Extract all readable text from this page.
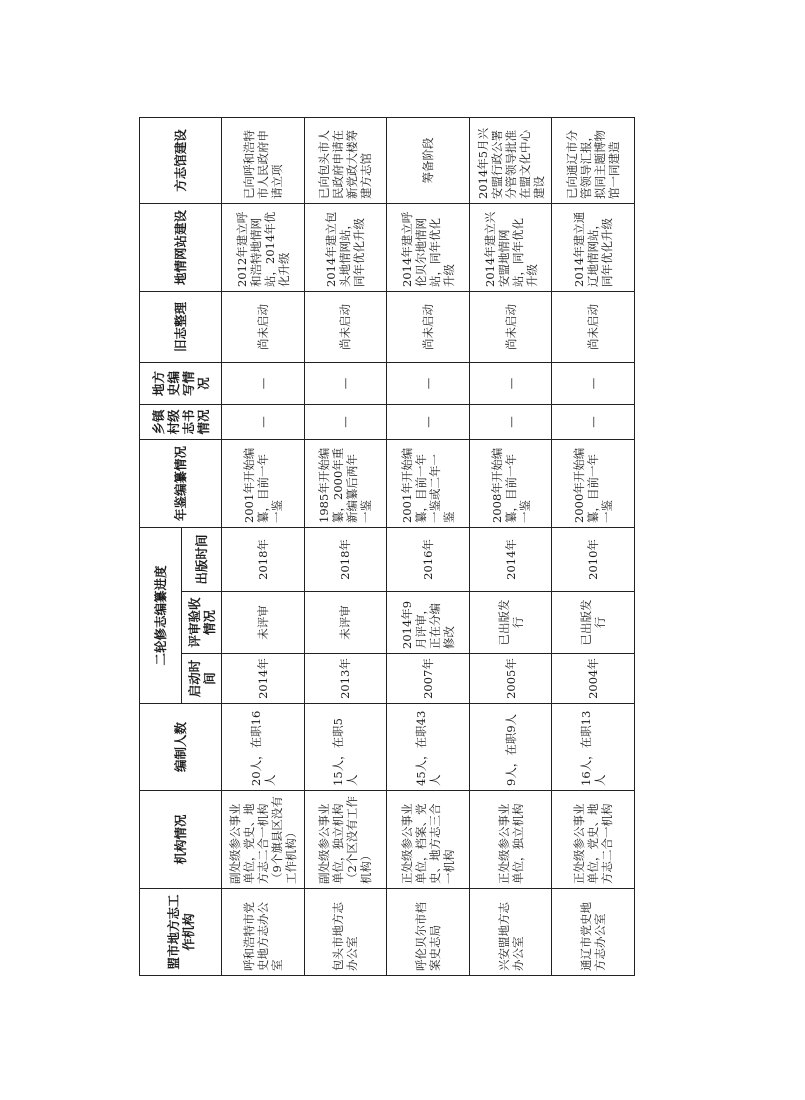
盟市地方志工作机构	机构情况	编制人数	二轮修志编纂进度			年鉴编纂情况	乡镇村级志书情况	地方史编写情况	旧志整理	地情网站建设	方志馆建设
			启动时间	评审验收情况	出版时间						
呼和浩特市党史地方志办公室	副处级参公事业单位，党史、地方志二合一机构（9个旗县区没有工作机构）	20人，在职16人	2014年	未评审	2018年	2001年开始编纂，目前一年一鉴	—	—	尚未启动	2012年建立呼和浩特地情网站，2014年优化升级	已向呼和浩特市人民政府申请立项
包头市地方志办公室	副处级参公事业单位，独立机构（2个区没有工作机构）	15人，在职5人	2013年	未评审	2018年	1985年开始编纂，2000年重新编纂后两年一鉴	—	—	尚未启动	2014年建立包头地情网站，同年优化升级	已向包头市人民政府申请在新党政大楼筹建方志馆
呼伦贝尔市档案史志局	正处级参公事业单位，档案、党史、地方志三合一机构	45人，在职43人	2007年	2014年9月评审，正在分编修改	2016年	2001年开始编纂，目前一年一鉴或二年一鉴	—	—	尚未启动	2014年建立呼伦贝尔地情网站，同年优化升级	筹备阶段
兴安盟地方志办公室	正处级参公事业单位，独立机构	9人，在职9人	2005年	已出版发行	2014年	2008年开始编纂，目前一年一鉴	—	—	尚未启动	2014年建立兴安盟地情网站，同年优化升级	2014年5月兴安盟行政公署分管领导批准在盟文化中心建设
通辽市党史地方志办公室	正处级参公事业单位，党史、地方志二合一机构	16人，在职13人	2004年	已出版发行	2010年	2000年开始编纂，目前一年一鉴	—	—	尚未启动	2014年建立通辽地情网站，同年优化升级	已向通辽市分管领导汇报，拟同主题博物馆一同建造
